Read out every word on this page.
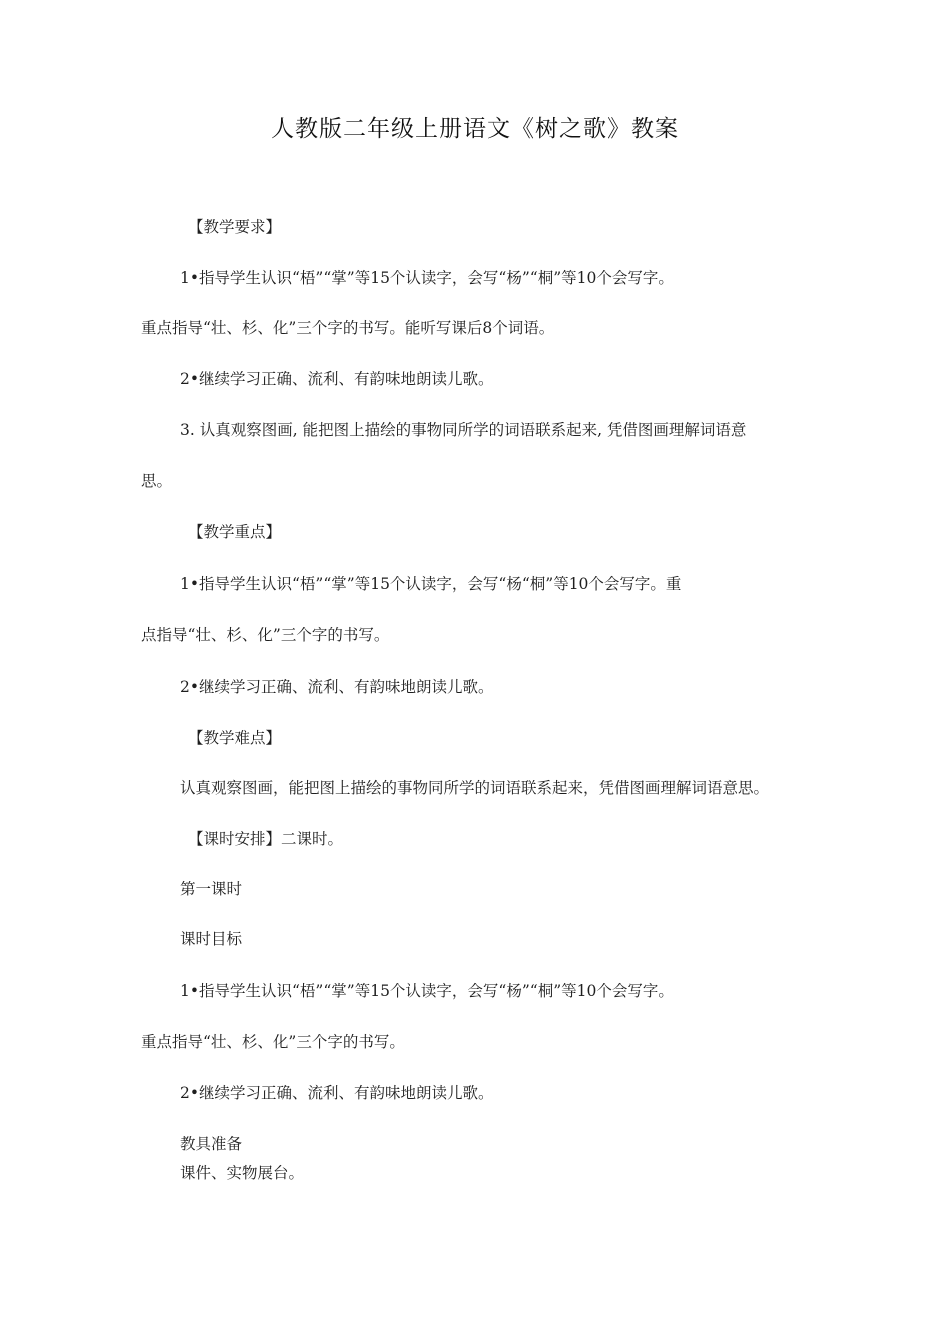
人教版二年级上册语文《树之歌》教案
【教学要求】
1•指导学生认识“梧”“掌”等15个认读字，会写“杨”“桐”等10个会写字。
重点指导“壮、杉、化”三个字的书写。能听写课后8个词语。
2•继续学习正确、流利、有韵味地朗读儿歌。
3. 认真观察图画, 能把图上描绘的事物同所学的词语联系起来, 凭借图画理解词语意
思。
【教学重点】
1•指导学生认识“梧”“掌”等15个认读字，会写“杨“桐”等10个会写字。重
点指导“壮、杉、化”三个字的书写。
2•继续学习正确、流利、有韵味地朗读儿歌。
【教学难点】
认真观察图画，能把图上描绘的事物同所学的词语联系起来，凭借图画理解词语意思。
【课时安排】二课时。
第一课时
课时目标
1•指导学生认识“梧”“掌”等15个认读字，会写“杨”“桐”等10个会写字。
重点指导“壮、杉、化”三个字的书写。
2•继续学习正确、流利、有韵味地朗读儿歌。
教具准备
课件、实物展台。
